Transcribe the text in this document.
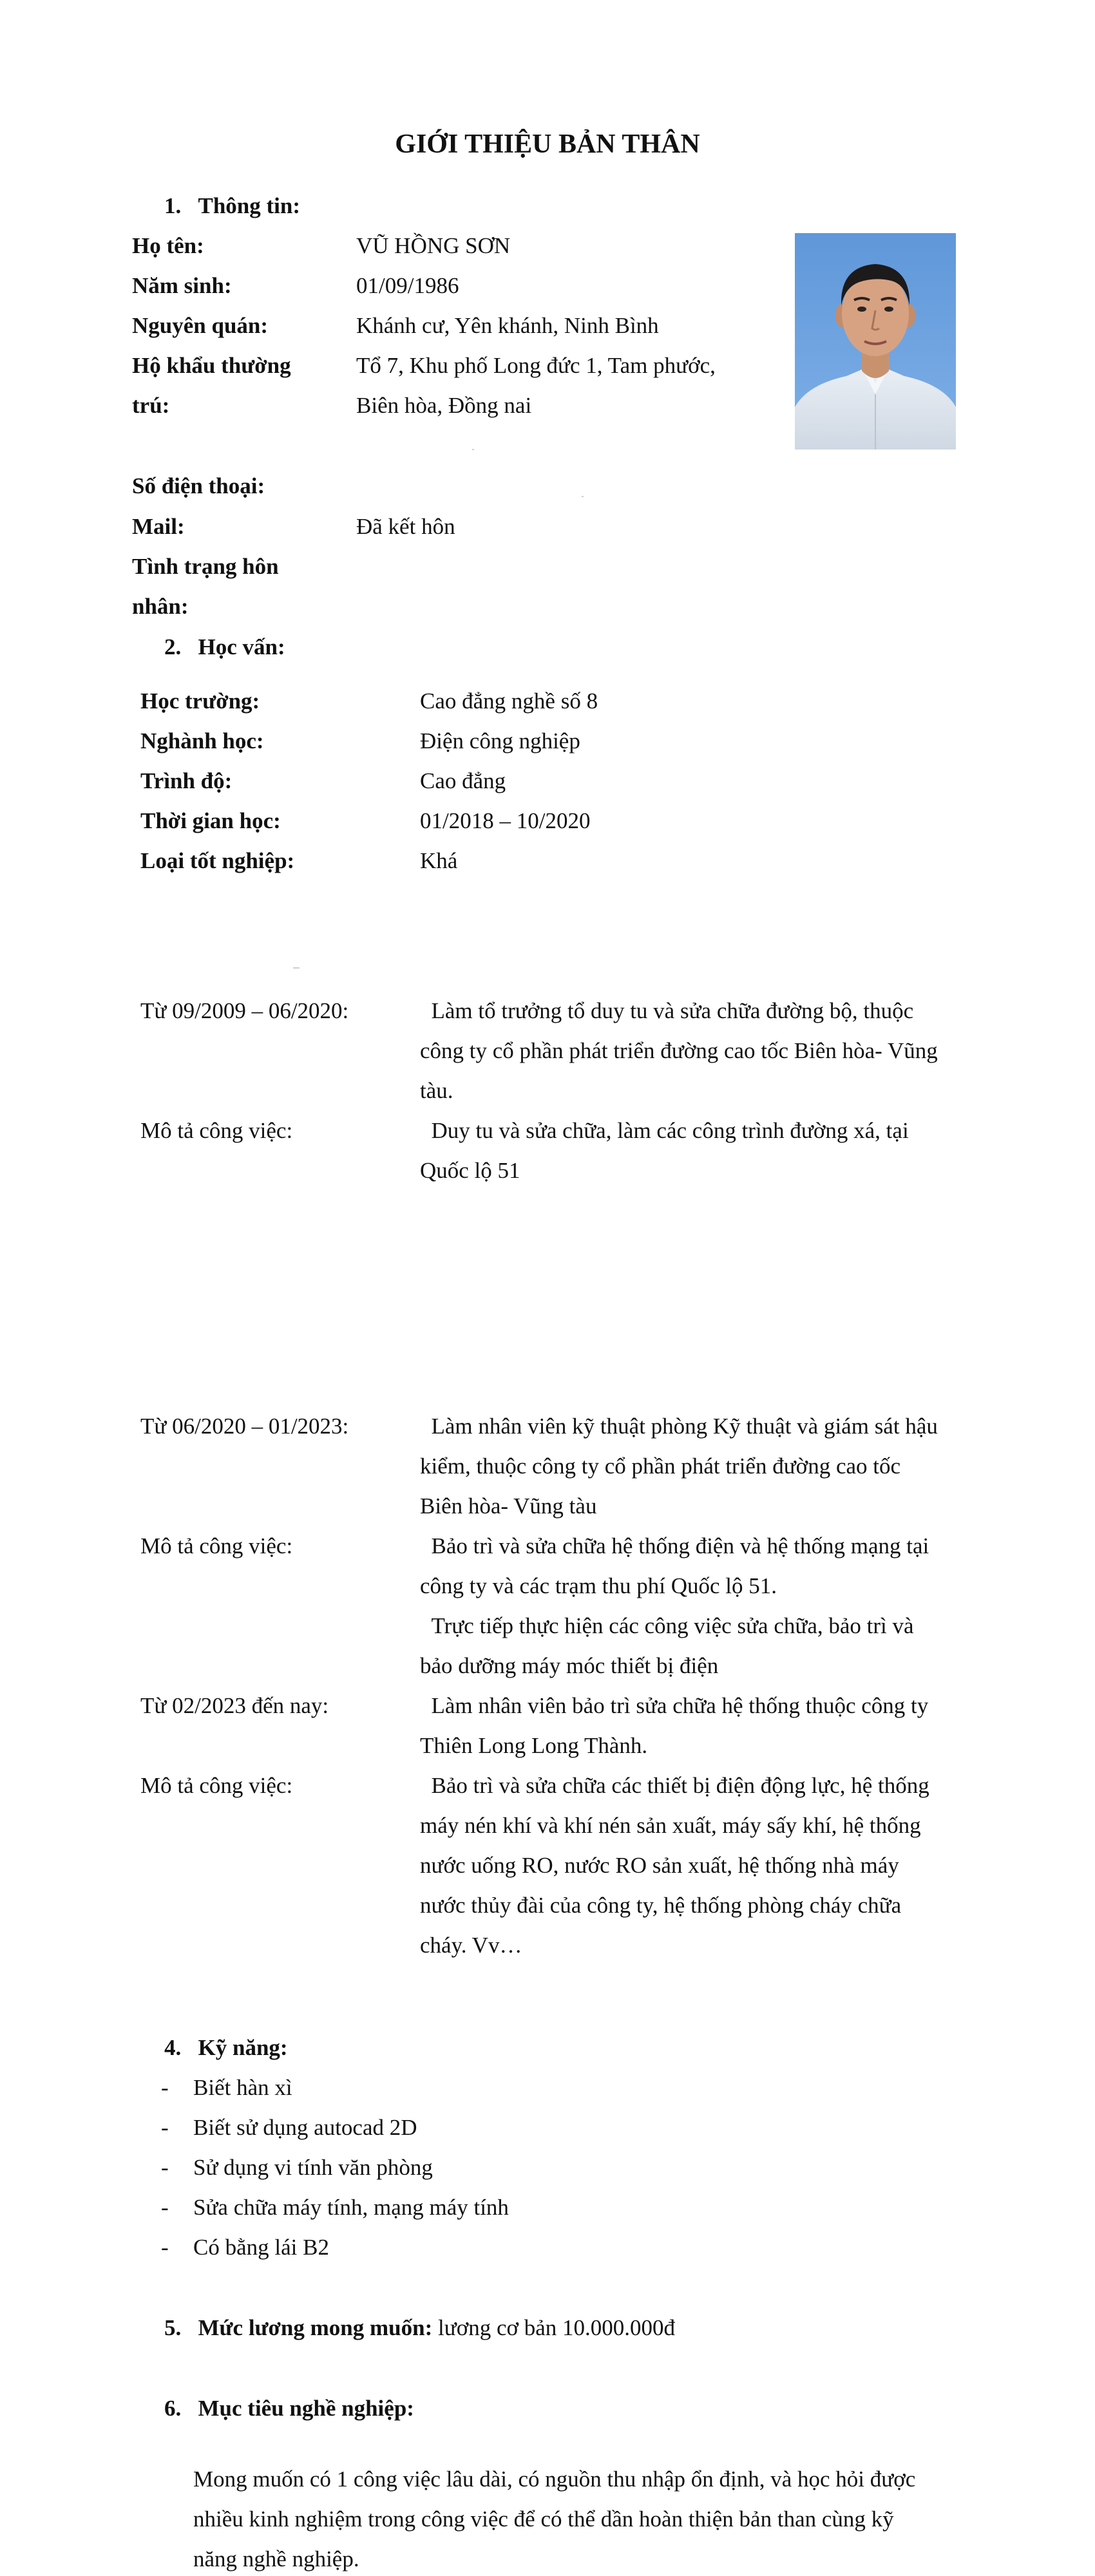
GIỚI THIỆU BẢN THÂN
1.   Thông tin:
Họ tên:	VŨ HỒNG SƠN
Năm sinh:	01/09/1986
Nguyên quán:	Khánh cư, Yên khánh, Ninh Bình
Hộ khẩu thường	Tổ 7, Khu phố Long đức 1, Tam phước,
trú:	Biên hòa, Đồng nai
Số điện thoại:
Mail:	Đã kết hôn
Tình trạng hôn
nhân:
2.   Học vấn:
Học trường:	Cao đẳng nghề số 8
Nghành học:	Điện công nghiệp
Trình độ:	Cao đẳng
Thời gian học:	01/2018 – 10/2020
Loại tốt nghiệp:	Khá
Từ 09/2009 – 06/2020:	Làm tổ trưởng tổ duy tu và sửa chữa đường bộ, thuộc
công ty cổ phần phát triển đường cao tốc Biên hòa- Vũng
tàu.
Mô tả công việc:	Duy tu và sửa chữa, làm các công trình đường xá, tại
Quốc lộ 51
Từ 06/2020 – 01/2023:	Làm nhân viên kỹ thuật phòng Kỹ thuật và giám sát hậu
kiểm, thuộc công ty cổ phần phát triển đường cao tốc
Biên hòa- Vũng tàu
Mô tả công việc:	Bảo trì và sửa chữa hệ thống điện và hệ thống mạng tại
công ty và các trạm thu phí Quốc lộ 51.
Trực tiếp thực hiện các công việc sửa chữa, bảo trì và
bảo dưỡng máy móc thiết bị điện
Từ 02/2023 đến nay:	Làm nhân viên bảo trì sửa chữa hệ thống thuộc công ty
Thiên Long Long Thành.
Mô tả công việc:	Bảo trì và sửa chữa các thiết bị điện động lực, hệ thống
máy nén khí và khí nén sản xuất, máy sấy khí, hệ thống
nước uống RO, nước RO sản xuất, hệ thống nhà máy
nước thủy đài của công ty, hệ thống phòng cháy chữa
cháy. Vv…
4.   Kỹ năng:
- Biết hàn xì
- Biết sử dụng autocad 2D
- Sử dụng vi tính văn phòng
- Sửa chữa máy tính, mạng máy tính
- Có bằng lái B2
5.   Mức lương mong muốn: lương cơ bản 10.000.000đ
6.   Mục tiêu nghề nghiệp:
Mong muốn có 1 công việc lâu dài, có nguồn thu nhập ổn định, và học hỏi được
nhiều kinh nghiệm trong công việc để có thể dần hoàn thiện bản than cùng kỹ
năng nghề nghiệp.
